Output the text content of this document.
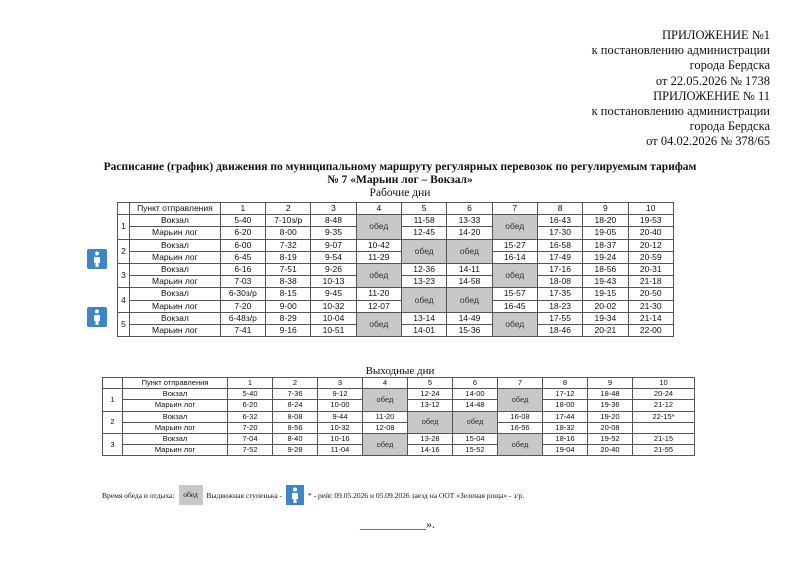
ПРИЛОЖЕНИЕ №1
к постановлению администрации
города Бердска
от 22.05.2026 № 1738
ПРИЛОЖЕНИЕ № 11
к постановлению администрации
города Бердска
от 04.02.2026 № 378/65
Расписание (график) движения по муниципальному маршруту регулярных перевозок по регулируемым тарифам
№ 7 «Марьин лог – Вокзал»
Рабочие дни
	Пункт отправления	1	2	3	4	5	6	7	8	9	10
1	Вокзал	5-40	7-10з/р	8-48	обед	11-58	13-33	обед	16-43	18-20	19-53
	Марьин лог	6-20	8-00	9-35		12-45	14-20		17-30	19-05	20-40
2	Вокзал	6-00	7-32	9-07	10-42	обед	обед	15-27	16-58	18-37	20-12
	Марьин лог	6-45	8-19	9-54	11-29			16-14	17-49	19-24	20-59
3	Вокзал	6-16	7-51	9-26	обед	12-36	14-11	обед	17-16	18-56	20-31
	Марьин лог	7-03	8-38	10-13		13-23	14-58		18-08	19-43	21-18
4	Вокзал	6-30з/р	8-15	9-45	11-20	обед	обед	15-57	17-35	19-15	20-50
	Марьин лог	7-20	9-00	10-32	12-07			16-45	18-23	20-02	21-30
5	Вокзал	6-48з/р	8-29	10-04	обед	13-14	14-49	обед	17-55	19-34	21-14
	Марьин лог	7-41	9-16	10-51		14-01	15-36		18-46	20-21	22-00
Выходные дни
	Пункт отправления	1	2	3	4	5	6	7	8	9	10
1	Вокзал	5-40	7-36	9-12	обед	12-24	14-00	обед	17-12	18-48	20-24
	Марьин лог	6-20	8-24	10-00		13-12	14-48		18-00	19-36	21-12
2	Вокзал	6-32	8-08	9-44	11-20	обед	обед	16-08	17-44	19-20	22-15*
	Марьин лог	7-20	8-56	10-32	12-08			16-56	18-32	20-08	
3	Вокзал	7-04	8-40	10-16	обед	13-28	15-04	обед	18-16	19-52	21-15
	Марьин лог	7-52	9-28	11-04		14-16	15-52		19-04	20-40	21-55
Время обеда и отдыха:	обед	Выдвижная ступенька -	* - рейс 09.05.2026 и 05.09.2026 заезд на ООТ «Зеленая роща» - з/р.
___________».
